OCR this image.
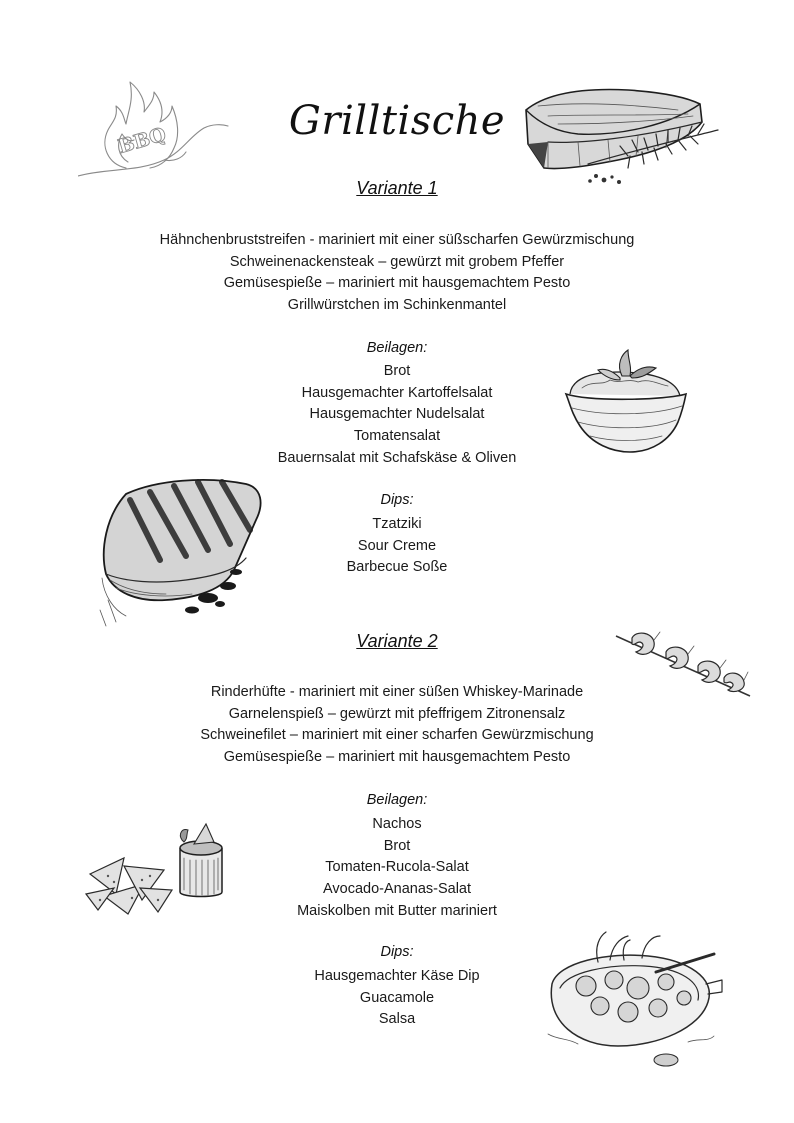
BBQ	Grilltische
Variante 1
Hähnchenbruststreifen - mariniert mit einer süßscharfen Gewürzmischung
Schweinenackensteak – gewürzt mit grobem Pfeffer
Gemüsespieße – mariniert mit hausgemachtem Pesto
Grillwürstchen im Schinkenmantel
Beilagen:
Brot
Hausgemachter Kartoffelsalat
Hausgemachter Nudelsalat
Tomatensalat
Bauernsalat mit Schafskäse & Oliven
Dips:
Tzatziki
Sour Creme
Barbecue Soße
Variante 2
Rinderhüfte - mariniert mit einer süßen Whiskey-Marinade
Garnelenspieß – gewürzt mit pfeffrigem Zitronensalz
Schweinefilet – mariniert mit einer scharfen Gewürzmischung
Gemüsespieße – mariniert mit hausgemachtem Pesto
Beilagen:
Nachos
Brot
Tomaten-Rucola-Salat
Avocado-Ananas-Salat
Maiskolben mit Butter mariniert
Dips:
Hausgemachter Käse Dip
Guacamole
Salsa
